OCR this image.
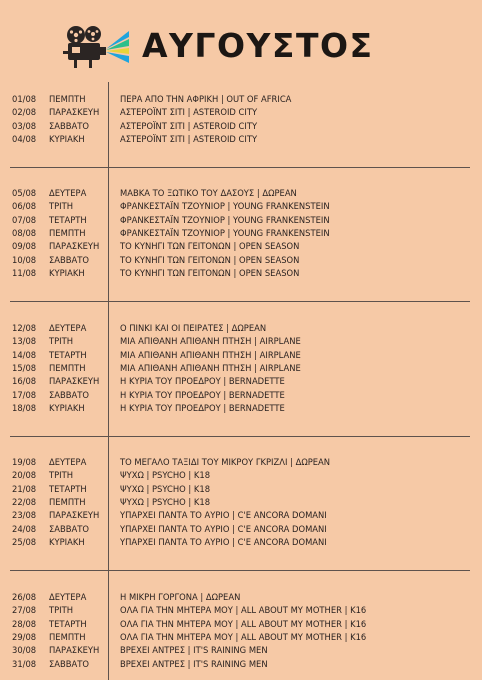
ΑΥΓΟΥΣΤΟΣ
01/08 ΠΕΜΠΤΗ	ΠΕΡΑ ΑΠΟ ΤΗΝ ΑΦΡΙΚΗ | OUT OF AFRICA
02/08 ΠΑΡΑΣΚΕΥΗ ΑΣΤΕΡΟΪΝΤ ΣΙΤΙ | ASTEROID CITY
03/08 ΣΑΒΒΑΤΟ	ΑΣΤΕΡΟΪΝΤ ΣΙΤΙ | ASTEROID CITY
04/08 ΚΥΡΙΑΚΗ	ΑΣΤΕΡΟΪΝΤ ΣΙΤΙ | ASTEROID CITY
05/08 ΔΕΥΤΕΡΑ	ΜΑΒΚΑ ΤΟ ΞΩΤΙΚΟ ΤΟΥ ΔΑΣΟΥΣ | ΔΩΡΕΑΝ
06/08 ΤΡΙΤΗ	ΦΡΑΝΚΕΣΤΑΪΝ ΤΖΟΥΝΙΟΡ | YOUNG FRANKENSTEIN
07/08 ΤΕΤΑΡΤΗ	ΦΡΑΝΚΕΣΤΑΪΝ ΤΖΟΥΝΙΟΡ | YOUNG FRANKENSTEIN
08/08 ΠΕΜΠΤΗ	ΦΡΑΝΚΕΣΤΑΪΝ ΤΖΟΥΝΙΟΡ | YOUNG FRANKENSTEIN
09/08 ΠΑΡΑΣΚΕΥΗ ΤΟ ΚΥΝΗΓΙ ΤΩΝ ΓΕΙΤΟΝΩΝ | OPEN SEASON
10/08 ΣΑΒΒΑΤΟ	ΤΟ ΚΥΝΗΓΙ ΤΩΝ ΓΕΙΤΟΝΩΝ | OPEN SEASON
11/08 ΚΥΡΙΑΚΗ	ΤΟ ΚΥΝΗΓΙ ΤΩΝ ΓΕΙΤΟΝΩΝ | OPEN SEASON
12/08 ΔΕΥΤΕΡΑ	Ο ΠΙΝΚΙ ΚΑΙ ΟΙ ΠΕΙΡΑΤΕΣ | ΔΩΡΕΑΝ
13/08 ΤΡΙΤΗ	ΜΙΑ ΑΠΙΘΑΝΗ ΑΠΙΘΑΝΗ ΠΤΗΣΗ | AIRPLANE
14/08 ΤΕΤΑΡΤΗ	ΜΙΑ ΑΠΙΘΑΝΗ ΑΠΙΘΑΝΗ ΠΤΗΣΗ | AIRPLANE
15/08 ΠΕΜΠΤΗ	ΜΙΑ ΑΠΙΘΑΝΗ ΑΠΙΘΑΝΗ ΠΤΗΣΗ | AIRPLANE
16/08 ΠΑΡΑΣΚΕΥΗ Η ΚΥΡΙΑ ΤΟΥ ΠΡΟΕΔΡΟΥ | BERNADETTE
17/08 ΣΑΒΒΑΤΟ	Η ΚΥΡΙΑ ΤΟΥ ΠΡΟΕΔΡΟΥ | BERNADETTE
18/08 ΚΥΡΙΑΚΗ	Η ΚΥΡΙΑ ΤΟΥ ΠΡΟΕΔΡΟΥ | BERNADETTE
19/08 ΔΕΥΤΕΡΑ	ΤΟ ΜΕΓΑΛΟ ΤΑΞΙΔΙ ΤΟΥ ΜΙΚΡΟΥ ΓΚΡΙΖΛΙ | ΔΩΡΕΑΝ
20/08 ΤΡΙΤΗ	ΨΥΧΩ | PSYCHO | K18
21/08 ΤΕΤΑΡΤΗ	ΨΥΧΩ | PSYCHO | K18
22/08 ΠΕΜΠΤΗ	ΨΥΧΩ | PSYCHO | K18
23/08 ΠΑΡΑΣΚΕΥΗ ΥΠΑΡΧΕΙ ΠΑΝΤΑ ΤΟ ΑΥΡΙΟ | C'E ANCORA DOMANI
24/08 ΣΑΒΒΑΤΟ	ΥΠΑΡΧΕΙ ΠΑΝΤΑ ΤΟ ΑΥΡΙΟ | C'E ANCORA DOMANI
25/08 ΚΥΡΙΑΚΗ	ΥΠΑΡΧΕΙ ΠΑΝΤΑ ΤΟ ΑΥΡΙΟ | C'E ANCORA DOMANI
26/08 ΔΕΥΤΕΡΑ	Η ΜΙΚΡΗ ΓΟΡΓΟΝΑ | ΔΩΡΕΑΝ
27/08 ΤΡΙΤΗ	ΟΛΑ ΓΙΑ ΤΗΝ ΜΗΤΕΡΑ ΜΟΥ | ALL ABOUT MY MOTHER | K16
28/08 ΤΕΤΑΡΤΗ	ΟΛΑ ΓΙΑ ΤΗΝ ΜΗΤΕΡΑ ΜΟΥ | ALL ABOUT MY MOTHER | K16
29/08 ΠΕΜΠΤΗ	ΟΛΑ ΓΙΑ ΤΗΝ ΜΗΤΕΡΑ ΜΟΥ | ALL ABOUT MY MOTHER | K16
30/08 ΠΑΡΑΣΚΕΥΗ ΒΡΕΧΕΙ ΑΝΤΡΕΣ | IT'S RAINING MEN
31/08 ΣΑΒΒΑΤΟ	ΒΡΕΧΕΙ ΑΝΤΡΕΣ | IT'S RAINING MEN
